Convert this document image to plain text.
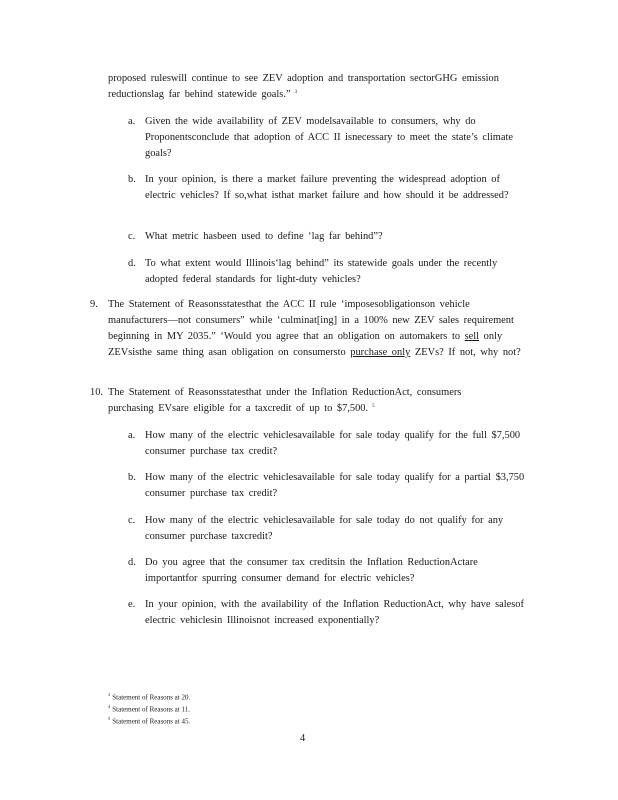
proposed ruleswill continue to see ZEV adoption and transportation sectorGHG emission reductionslag far behind statewide goals.” $^3$

a. Given the wide availability of ZEV modelsavailable to consumers, why do Proponentsconclude that adoption of ACC II isnecessary to meet the state’s climate goals?

b. In your opinion, is there a market failure preventing the widespread adoption of electric vehicles? If so,what isthat market failure and how should it be addressed?

c. What metric hasbeen used to define ‘lag far behind”?

d. To what extent would Illinois‘lag behind” its statewide goals under the recently adopted federal standards for light-duty vehicles?

9. The Statement of Reasonsstatesthat the ACC II rule ‘imposesobligationson vehicle manufacturers—not consumers” while ‘culminat[ing] in a 100% new ZEV sales requirement beginning in MY 2035.” ‘Would you agree that an obligation on automakers to sell only ZEVsisthe same thing asan obligation on consumersto purchase only ZEVs? If not, why not?

10. The Statement of Reasonsstatesthat under the Inflation ReductionAct, consumers purchasing EVsare eligible for a taxcredit of up to $7,500. $^5$

a. How many of the electric vehiclesavailable for sale today qualify for the full $7,500 consumer purchase tax credit?

b. How many of the electric vehiclesavailable for sale today qualify for a partial $3,750 consumer purchase tax credit?

c. How many of the electric vehiclesavailable for sale today do not qualify for any consumer purchase taxcredit?

d. Do you agree that the consumer tax creditsin the Inflation ReductionActare importantfor spurring consumer demand for electric vehicles?

e. In your opinion, with the availability of the Inflation ReductionAct, why have salesof electric vehiclesin Illinoisnot increased exponentially?

$^3$ Statement of Reasons at 20.

$^4$ Statement of Reasons at 11.

$^5$ Statement of Reasons at 45.

4
